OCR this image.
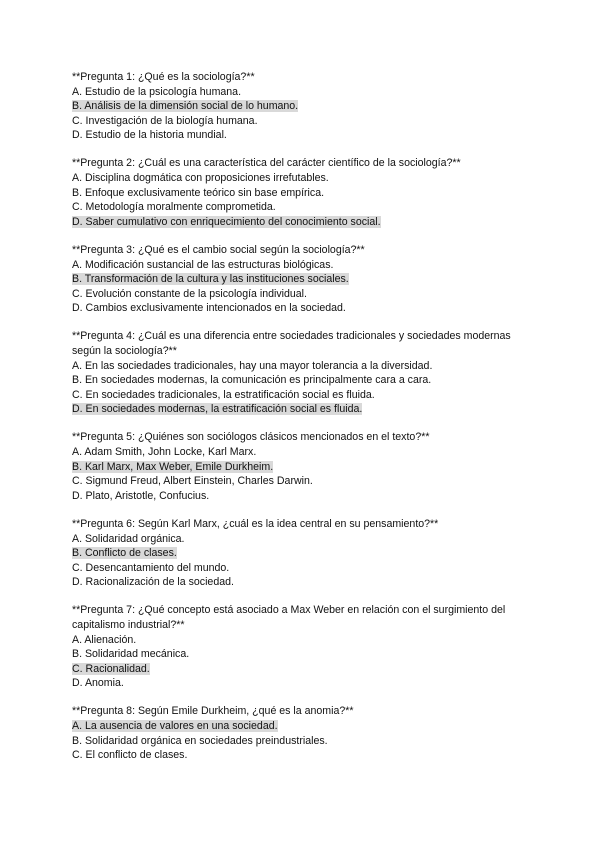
**Pregunta 1: ¿Qué es la sociología?**
A. Estudio de la psicología humana.
B. Análisis de la dimensión social de lo humano.
C. Investigación de la biología humana.
D. Estudio de la historia mundial.
**Pregunta 2: ¿Cuál es una característica del carácter científico de la sociología?**
A. Disciplina dogmática con proposiciones irrefutables.
B. Enfoque exclusivamente teórico sin base empírica.
C. Metodología moralmente comprometida.
D. Saber cumulativo con enriquecimiento del conocimiento social.
**Pregunta 3: ¿Qué es el cambio social según la sociología?**
A. Modificación sustancial de las estructuras biológicas.
B. Transformación de la cultura y las instituciones sociales.
C. Evolución constante de la psicología individual.
D. Cambios exclusivamente intencionados en la sociedad.
**Pregunta 4: ¿Cuál es una diferencia entre sociedades tradicionales y sociedades modernas según la sociología?**
A. En las sociedades tradicionales, hay una mayor tolerancia a la diversidad.
B. En sociedades modernas, la comunicación es principalmente cara a cara.
C. En sociedades tradicionales, la estratificación social es fluida.
D. En sociedades modernas, la estratificación social es fluida.
**Pregunta 5: ¿Quiénes son sociólogos clásicos mencionados en el texto?**
A. Adam Smith, John Locke, Karl Marx.
B. Karl Marx, Max Weber, Emile Durkheim.
C. Sigmund Freud, Albert Einstein, Charles Darwin.
D. Plato, Aristotle, Confucius.
**Pregunta 6: Según Karl Marx, ¿cuál es la idea central en su pensamiento?**
A. Solidaridad orgánica.
B. Conflicto de clases.
C. Desencantamiento del mundo.
D. Racionalización de la sociedad.
**Pregunta 7: ¿Qué concepto está asociado a Max Weber en relación con el surgimiento del capitalismo industrial?**
A. Alienación.
B. Solidaridad mecánica.
C. Racionalidad.
D. Anomia.
**Pregunta 8: Según Emile Durkheim, ¿qué es la anomia?**
A. La ausencia de valores en una sociedad.
B. Solidaridad orgánica en sociedades preindustriales.
C. El conflicto de clases.
